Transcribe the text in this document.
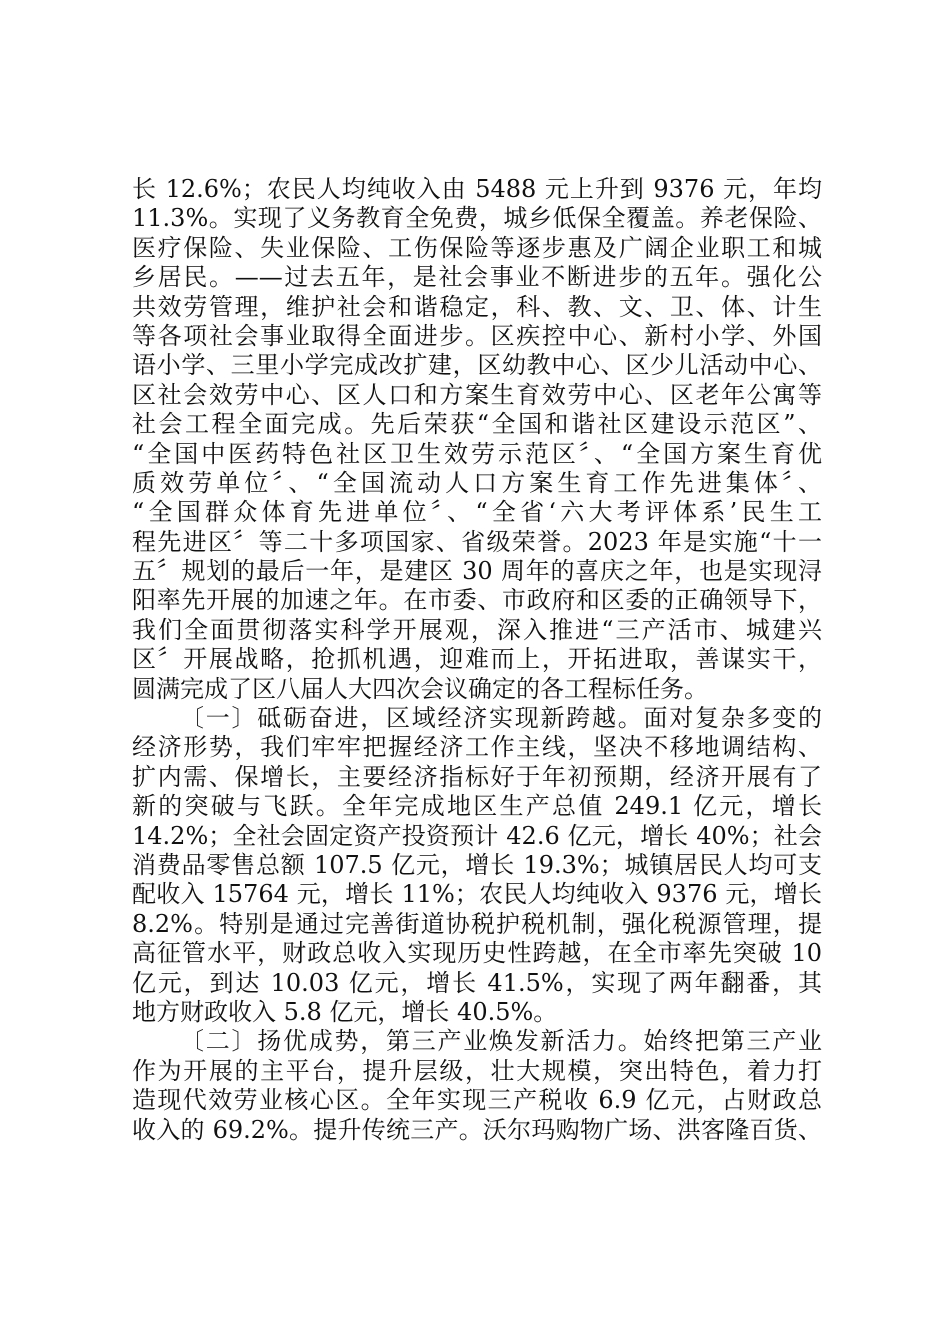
长 12.6%；农民人均纯收入由 5488 元上升到 9376 元，年均
11.3%。实现了义务教育全免费，城乡低保全覆盖。养老保险、
医疗保险、失业保险、工伤保险等逐步惠及广阔企业职工和城
乡居民。——过去五年，是社会事业不断进步的五年。强化公
共效劳管理，维护社会和谐稳定，科、教、文、卫、体、计生
等各项社会事业取得全面进步。区疾控中心、新村小学、外国
语小学、三里小学完成改扩建，区幼教中心、区少儿活动中心、
区社会效劳中心、区人口和方案生育效劳中心、区老年公寓等
社会工程全面完成。先后荣获“全国和谐社区建设示范区”、
“全国中医药特色社区卫生效劳示范区〞、“全国方案生育优
质效劳单位〞、“全国流动人口方案生育工作先进集体〞、
“全国群众体育先进单位〞、“全省‘六大考评体系’民生工
程先进区〞等二十多项国家、省级荣誉。2023 年是实施“十一
五〞规划的最后一年，是建区 30 周年的喜庆之年，也是实现浔
阳率先开展的加速之年。在市委、市政府和区委的正确领导下，
我们全面贯彻落实科学开展观，深入推进“三产活市、城建兴
区〞开展战略，抢抓机遇，迎难而上，开拓进取，善谋实干，
圆满完成了区八届人大四次会议确定的各工程标任务。
〔一〕砥砺奋进，区域经济实现新跨越。面对复杂多变的
经济形势，我们牢牢把握经济工作主线，坚决不移地调结构、
扩内需、保增长，主要经济指标好于年初预期，经济开展有了
新的突破与飞跃。全年完成地区生产总值 249.1 亿元，增长
14.2%；全社会固定资产投资预计 42.6 亿元，增长 40%；社会
消费品零售总额 107.5 亿元，增长 19.3%；城镇居民人均可支
配收入 15764 元，增长 11%；农民人均纯收入 9376 元，增长
8.2%。特别是通过完善街道协税护税机制，强化税源管理，提
高征管水平，财政总收入实现历史性跨越，在全市率先突破 10
亿元，到达 10.03 亿元，增长 41.5%，实现了两年翻番，其
地方财政收入 5.8 亿元，增长 40.5%。
〔二〕扬优成势，第三产业焕发新活力。始终把第三产业
作为开展的主平台，提升层级，壮大规模，突出特色，着力打
造现代效劳业核心区。全年实现三产税收 6.9 亿元，占财政总
收入的 69.2%。提升传统三产。沃尔玛购物广场、洪客隆百货、
